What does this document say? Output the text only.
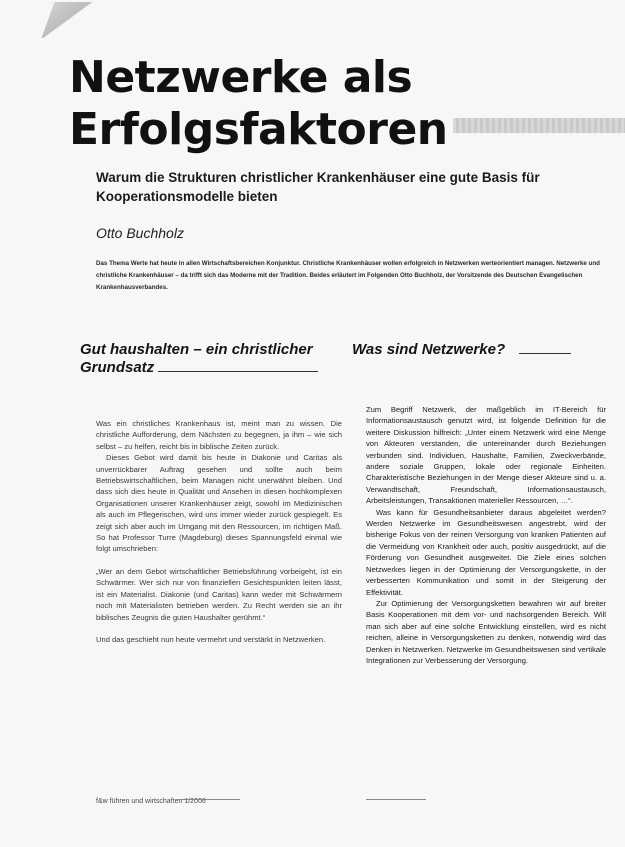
Netzwerke als
Erfolgsfaktoren

Warum die Strukturen christlicher Krankenhäuser eine gute Basis für Kooperationsmodelle bieten

Otto Buchholz

Das Thema Werte hat heute in allen Wirtschaftsbereichen Konjunktur. Christliche Krankenhäuser wollen erfolgreich in Netzwerken werteorientiert managen. Netzwerke und christliche Krankenhäuser – da trifft sich das Moderne mit der Tradition. Beides erläutert im Folgenden Otto Buchholz, der Vorsitzende des Deutschen Evangelischen Krankenhausverbandes.

Gut haushalten – ein christlicher Grundsatz
Was sind Netzwerke?

Was ein christliches Krankenhaus ist, meint man zu wissen. Die christliche Aufforderung, dem Nächsten zu begegnen, ja ihm – wie sich selbst – zu helfen, reicht bis in biblische Zeiten zurück.

Dieses Gebot wird damit bis heute in Diakonie und Caritas als unverrückbarer Auftrag gesehen und sollte auch beim Betriebswirtschaftlichen, beim Managen nicht unerwähnt bleiben. Und dass sich dies heute in Qualität und Ansehen in diesen hochkomplexen Organisationen unserer Krankenhäuser zeigt, sowohl im Medizinischen als auch im Pflegerischen, wird uns immer wieder zurück gespiegelt. Es zeigt sich aber auch im Umgang mit den Ressourcen, im richtigen Maß. So hat Professor Turre (Magdeburg) dieses Spannungsfeld einmal wie folgt umschrieben:

„Wer an dem Gebot wirtschaftlicher Betriebsführung vorbeigeht, ist ein Schwärmer. Wer sich nur von finanziellen Gesichtspunkten leiten lässt, ist ein Materialist. Diakonie (und Caritas) kann weder mit Schwärmern noch mit Materialisten betrieben werden. Zu Recht werden sie an ihr biblisches Zeugnis die guten Haushalter gerühmt.“

Und das geschieht nun heute vermehrt und verstärkt in Netzwerken.

Zum Begriff Netzwerk, der maßgeblich im IT-Bereich für Informationsaustausch genutzt wird, ist folgende Definition für die weitere Diskussion hilfreich: „Unter einem Netzwerk wird eine Menge von Akteuren verstanden, die untereinander durch Beziehungen verbunden sind. Individuen, Haushalte, Familien, Zweckverbände, andere soziale Gruppen, lokale oder regionale Einheiten. Charakteristische Beziehungen in der Menge dieser Akteure sind u. a. Verwandtschaft, Freundschaft, Informationsaustausch, Arbeitsleistungen, Transaktionen materieller Ressourcen, …“.

Was kann für Gesundheitsanbieter daraus abgeleitet werden? Werden Netzwerke im Gesundheitswesen angestrebt, wird der bisherige Fokus von der reinen Versorgung von kranken Patienten auf die Vermeidung von Krankheit oder auch, positiv ausgedrückt, auf die Förderung von Gesundheit ausgeweitet. Die Ziele eines solchen Netzwerkes liegen in der Optimierung der Versorgungskette, in der verbesserten Kommunikation und somit in der Steigerung der Effektivität.

Zur Optimierung der Versorgungsketten bewahren wir auf breiter Basis Kooperationen mit dem vor- und nachsorgenden Bereich. Will man sich aber auf eine solche Entwicklung einstellen, wird es nicht reichen, alleine in Versorgungsketten zu denken, notwendig wird das Denken in Netzwerken. Netzwerke im Gesundheitswesen sind vertikale Integrationen zur Verbesserung der Versorgung.

f&w führen und wirtschaften 1/2006
